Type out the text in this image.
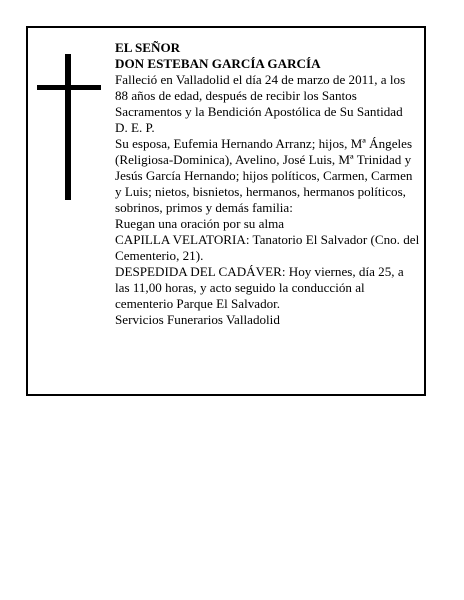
EL SEÑOR

DON ESTEBAN GARCÍA GARCÍA

Falleció en Valladolid el día 24 de marzo de 2011, a los 88 años de edad, después de recibir los Santos Sacramentos y la Bendición Apostólica de Su Santidad

D. E. P.

Su esposa, Eufemia Hernando Arranz; hijos, Mª Ángeles (Religiosa-Dominica), Avelino, José Luis, Mª Trinidad y Jesús García Hernando; hijos políticos, Carmen, Carmen y Luis; nietos, bisnietos, hermanos, hermanos políticos, sobrinos, primos y demás familia:

Ruegan una oración por su alma

CAPILLA VELATORIA: Tanatorio El Salvador (Cno. del Cementerio, 21).

DESPEDIDA DEL CADÁVER: Hoy viernes, día 25, a las 11,00 horas, y acto seguido la conducción al cementerio Parque El Salvador.

Servicios Funerarios Valladolid
